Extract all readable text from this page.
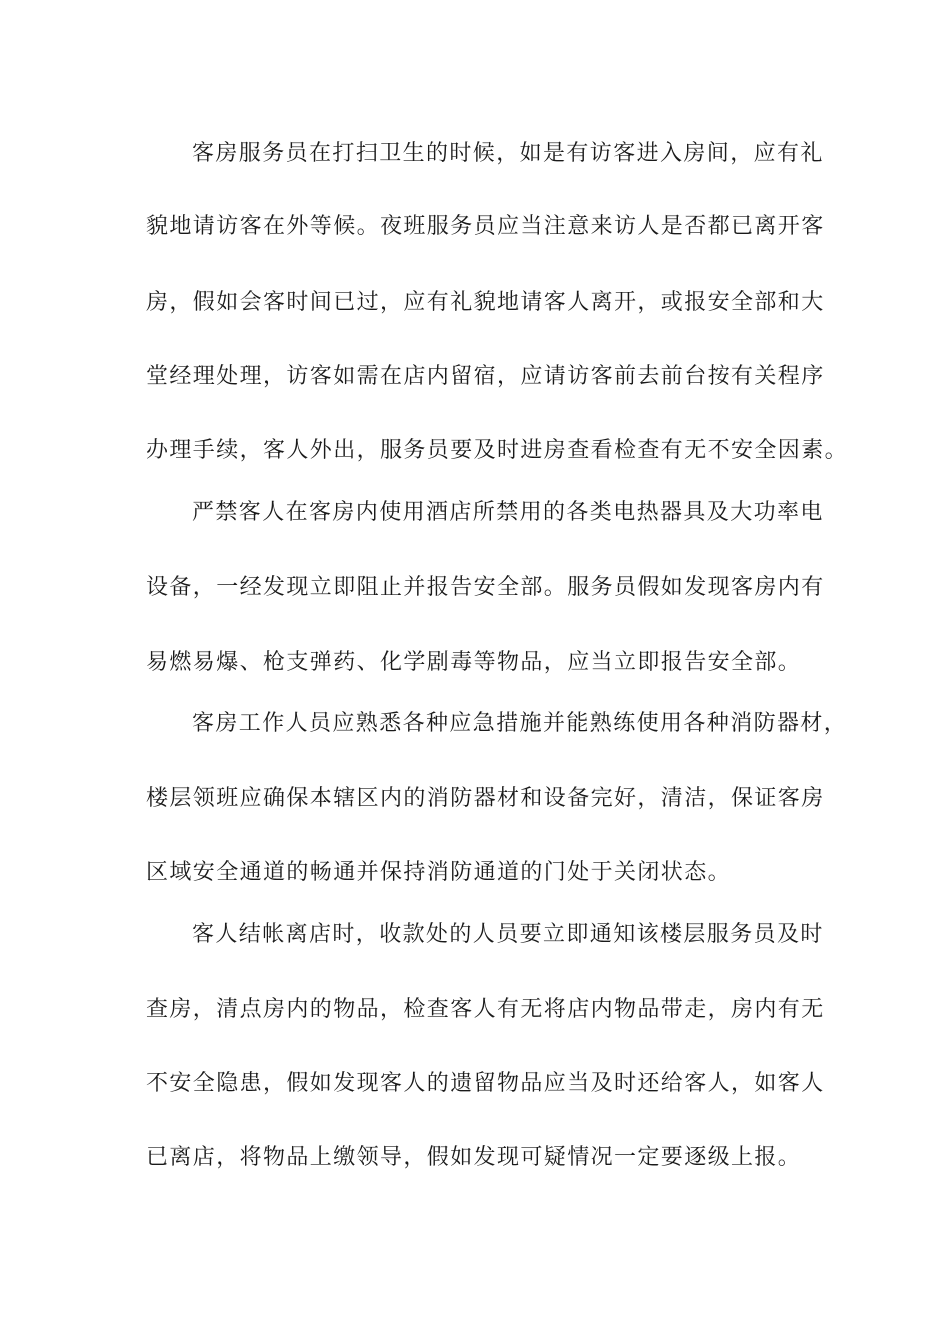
客房服务员在打扫卫生的时候，如是有访客进入房间，应有礼
貌地请访客在外等候。夜班服务员应当注意来访人是否都已离开客
房，假如会客时间已过，应有礼貌地请客人离开，或报安全部和大
堂经理处理，访客如需在店内留宿，应请访客前去前台按有关程序
办理手续，客人外出，服务员要及时进房查看检查有无不安全因素。
严禁客人在客房内使用酒店所禁用的各类电热器具及大功率电
设备，一经发现立即阻止并报告安全部。服务员假如发现客房内有
易燃易爆、枪支弹药、化学剧毒等物品，应当立即报告安全部。
客房工作人员应熟悉各种应急措施并能熟练使用各种消防器材，
楼层领班应确保本辖区内的消防器材和设备完好，清洁，保证客房
区域安全通道的畅通并保持消防通道的门处于关闭状态。
客人结帐离店时，收款处的人员要立即通知该楼层服务员及时
查房，清点房内的物品，检查客人有无将店内物品带走，房内有无
不安全隐患，假如发现客人的遗留物品应当及时还给客人，如客人
已离店，将物品上缴领导，假如发现可疑情况一定要逐级上报。
